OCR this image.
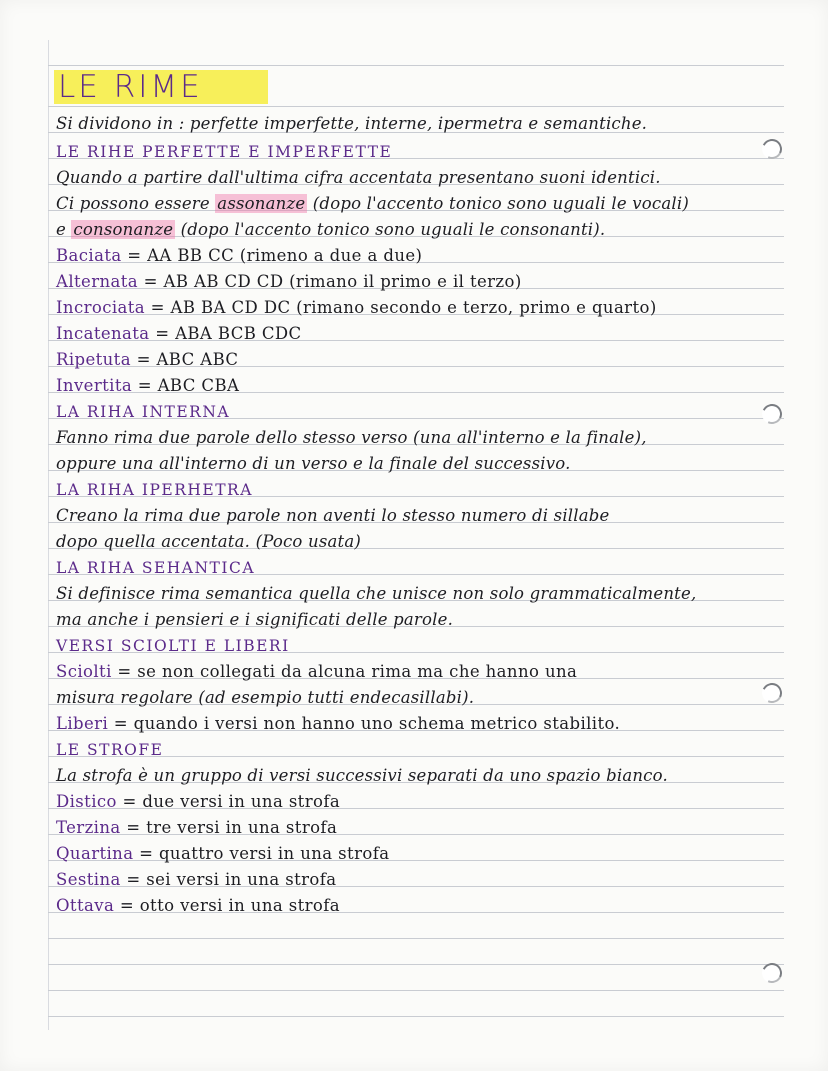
LE RIME
Si dividono in : perfette imperfette, interne, ipermetra e semantiche.
LE RIHE PERFETTE E IMPERFETTE
Quando a partire dall'ultima cifra accentata presentano suoni identici.
Ci possono essere assonanze (dopo l'accento tonico sono uguali le vocali)
e consonanze (dopo l'accento tonico sono uguali le consonanti).
Baciata = AA BB CC (rimeno a due a due)
Alternata = AB AB CD CD (rimano il primo e il terzo)
Incrociata = AB BA CD DC (rimano secondo e terzo, primo e quarto)
Incatenata = ABA BCB CDC
Ripetuta = ABC ABC
Invertita = ABC CBA
LA RIHA INTERNA
Fanno rima due parole dello stesso verso (una all'interno e la finale),
oppure una all'interno di un verso e la finale del successivo.
LA RIHA IPERHETRA
Creano la rima due parole non aventi lo stesso numero di sillabe
dopo quella accentata. (Poco usata)
LA RIHA SEHANTICA
Si definisce rima semantica quella che unisce non solo grammaticalmente,
ma anche i pensieri e i significati delle parole.
VERSI SCIOLTI E LIBERI
Sciolti = se non collegati da alcuna rima ma che hanno una
misura regolare (ad esempio tutti endecasillabi).
Liberi = quando i versi non hanno uno schema metrico stabilito.
LE STROFE
La strofa è un gruppo di versi successivi separati da uno spazio bianco.
Distico = due versi in una strofa
Terzina = tre versi in una strofa
Quartina = quattro versi in una strofa
Sestina = sei versi in una strofa
Ottava = otto versi in una strofa
